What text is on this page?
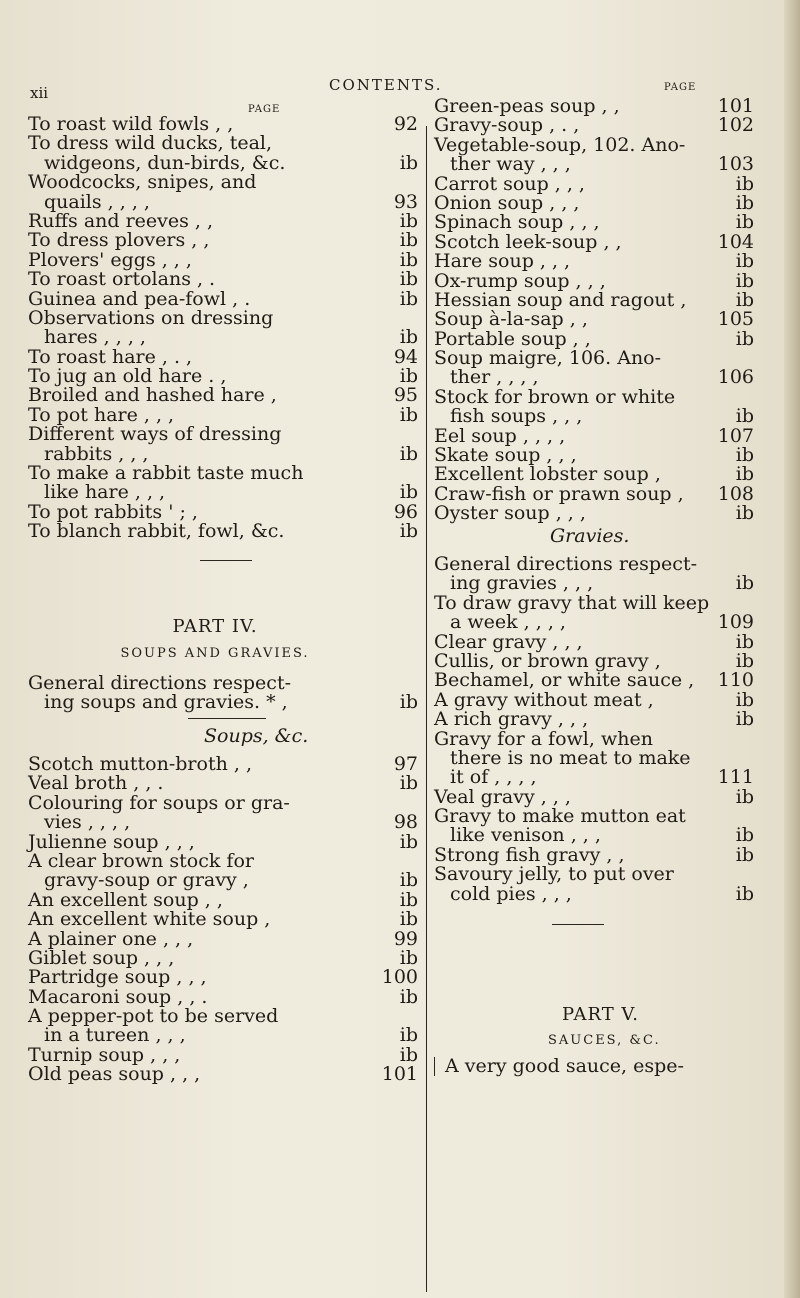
xii	CONTENTS.
PAGE
PAGE
To roast wild fowls , ,	92
To dress wild ducks, teal,
widgeons, dun-birds, &c.	ib
Woodcocks, snipes, and
quails , , , ,	93
Ruffs and reeves , ,	ib
To dress plovers , ,	ib
Plovers' eggs , , ,	ib
To roast ortolans , .	ib
Guinea and pea-fowl , .	ib
Observations on dressing
hares , , , ,	ib
To roast hare , . ,	94
To jug an old hare . ,	ib
Broiled and hashed hare ,	95
To pot hare , , ,	ib
Different ways of dressing
rabbits , , ,	ib
To make a rabbit taste much
like hare , , ,	ib
To pot rabbits ' ; ,	96
To blanch rabbit, fowl, &c.	ib
PART IV.
SOUPS AND GRAVIES.
General directions respect-
ing soups and gravies. * ,	ib
Soups, &c.
Scotch mutton-broth , ,	97
Veal broth , , .	ib
Colouring for soups or gra-
vies , , , ,	98
Julienne soup , , ,	ib
A clear brown stock for
gravy-soup or gravy ,	ib
An excellent soup , ,	ib
An excellent white soup ,	ib
A plainer one , , ,	99
Giblet soup , , ,	ib
Partridge soup , , ,	100
Macaroni soup , , .	ib
A pepper-pot to be served
in a tureen , , ,	ib
Turnip soup , , ,	ib
Old peas soup , , ,	101
Green-peas soup , ,	101
Gravy-soup , . ,	102
Vegetable-soup, 102. Ano-
ther way , , ,	103
Carrot soup , , ,	ib
Onion soup , , ,	ib
Spinach soup , , ,	ib
Scotch leek-soup , ,	104
Hare soup , , ,	ib
Ox-rump soup , , ,	ib
Hessian soup and ragout ,	ib
Soup à-la-sap , ,	105
Portable soup , ,	ib
Soup maigre, 106. Ano-
ther , , , ,	106
Stock for brown or white
fish soups , , ,	ib
Eel soup , , , ,	107
Skate soup , , ,	ib
Excellent lobster soup ,	ib
Craw-fish or prawn soup ,	108
Oyster soup , , ,	ib
Gravies.
General directions respect-
ing gravies , , ,	ib
To draw gravy that will keep
a week , , , ,	109
Clear gravy , , ,	ib
Cullis, or brown gravy ,	ib
Bechamel, or white sauce ,	110
A gravy without meat ,	ib
A rich gravy , , ,	ib
Gravy for a fowl, when
there is no meat to make
it of , , , ,	111
Veal gravy , , ,	ib
Gravy to make mutton eat
like venison , , ,	ib
Strong fish gravy , ,	ib
Savoury jelly, to put over
cold pies , , ,	ib
PART V.
SAUCES, &C.
A very good sauce, espe-
